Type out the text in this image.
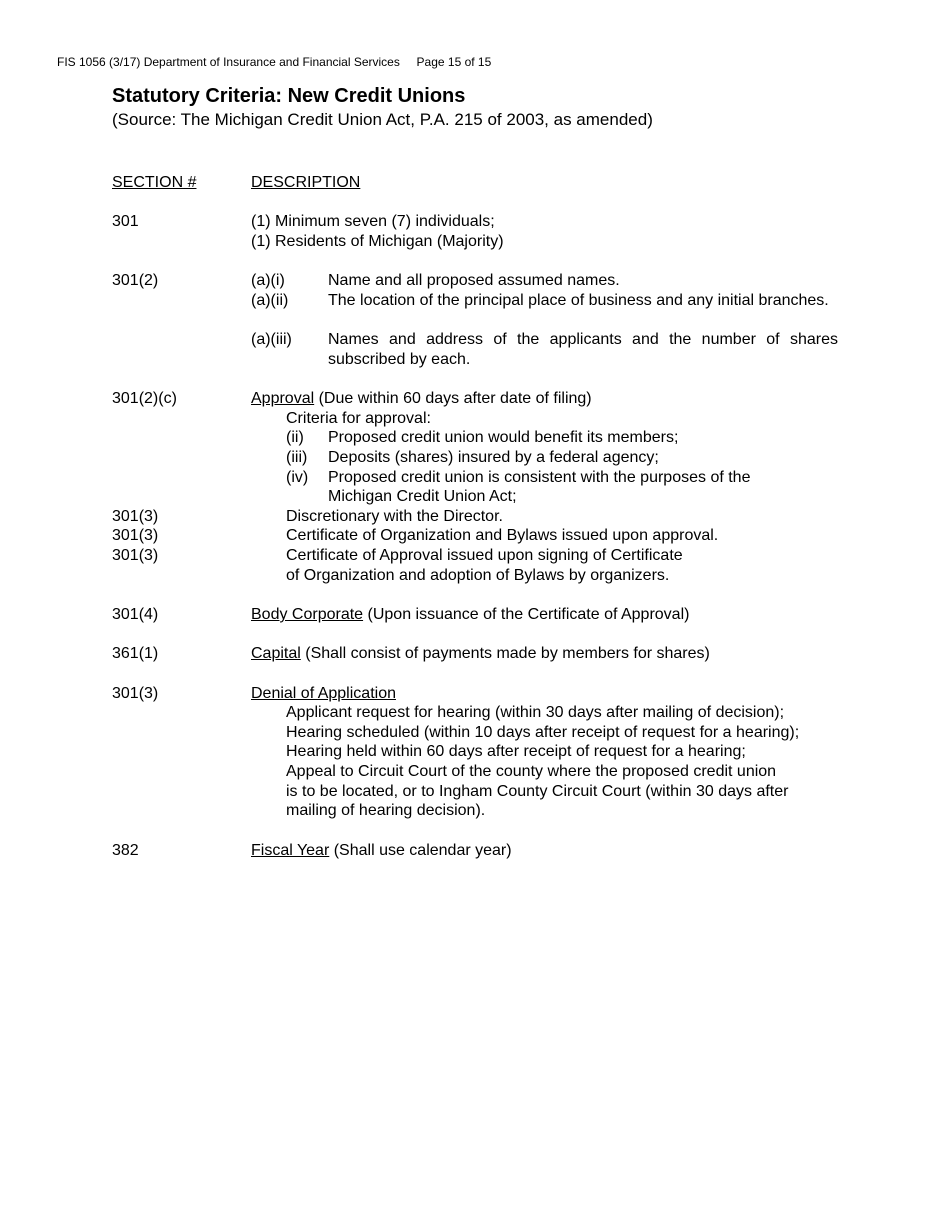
FIS 1056 (3/17) Department of Insurance and Financial Services Page 15 of 15
Statutory Criteria: New Credit Unions
(Source: The Michigan Credit Union Act, P.A. 215 of 2003, as amended)
SECTION #	DESCRIPTION
301	(1) Minimum seven (7) individuals;
(1) Residents of Michigan (Majority)
301(2)	(a)(i)	Name and all proposed assumed names.
(a)(ii) The location of the principal place of business and any initial branches.
(a)(iii) Names and address of the applicants and the number of shares subscribed by each.
301(2)(c)	Approval (Due within 60 days after date of filing)
Criteria for approval:
(ii) Proposed credit union would benefit its members;
(iii) Deposits (shares) insured by a federal agency;
(iv) Proposed credit union is consistent with the purposes of the
Michigan Credit Union Act;
301(3)	Discretionary with the Director.
301(3)	Certificate of Organization and Bylaws issued upon approval.
301(3)	Certificate of Approval issued upon signing of Certificate
of Organization and adoption of Bylaws by organizers.
301(4)	Body Corporate (Upon issuance of the Certificate of Approval)
361(1)	Capital (Shall consist of payments made by members for shares)
301(3)	Denial of Application
Applicant request for hearing (within 30 days after mailing of decision);
Hearing scheduled (within 10 days after receipt of request for a hearing);
Hearing held within 60 days after receipt of request for a hearing;
Appeal to Circuit Court of the county where the proposed credit union
is to be located, or to Ingham County Circuit Court (within 30 days after
mailing of hearing decision).
382	Fiscal Year (Shall use calendar year)
